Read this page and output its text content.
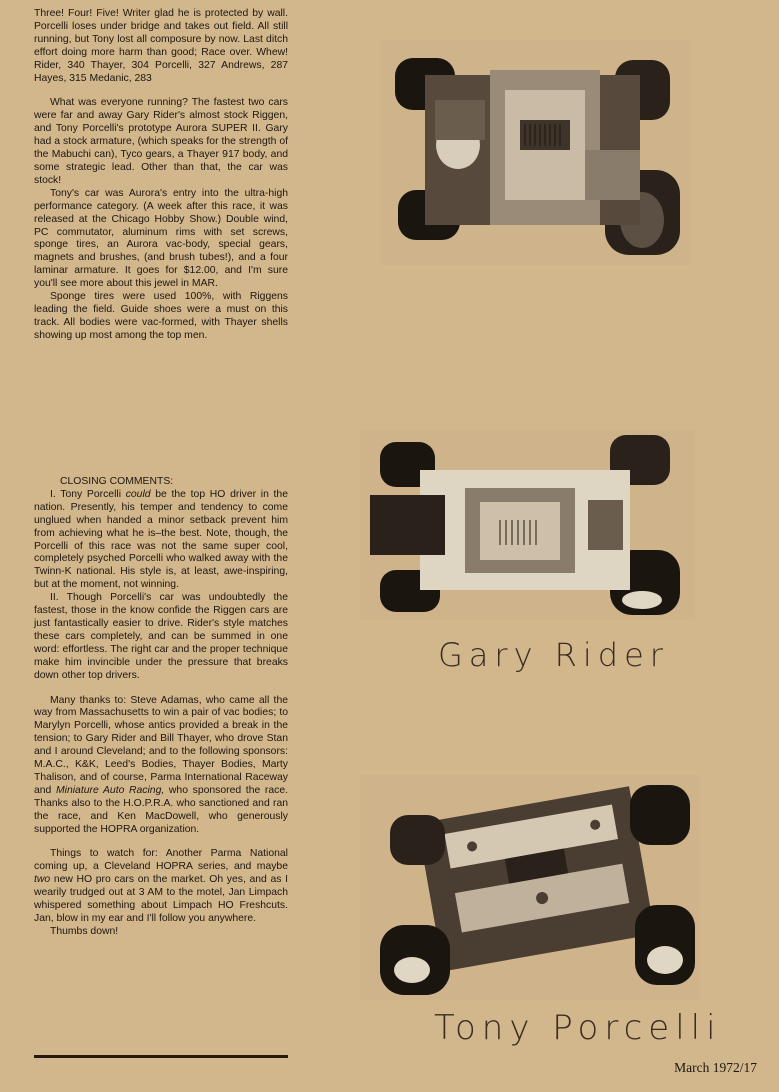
Three! Four! Five! Writer glad he is protected by wall. Porcelli loses under bridge and takes out field. All still running, but Tony lost all composure by now. Last ditch effort doing more harm than good; Race over. Whew! Rider, 340 Thayer, 304 Porcelli, 327 Andrews, 287 Hayes, 315 Medanic, 283

What was everyone running? The fastest two cars were far and away Gary Rider's almost stock Riggen, and Tony Porcelli's prototype Aurora SUPER II. Gary had a stock armature, (which speaks for the strength of the Mabuchi can), Tyco gears, a Thayer 917 body, and some strategic lead. Other than that, the car was stock!

Tony's car was Aurora's entry into the ultra-high performance category. (A week after this race, it was released at the Chicago Hobby Show.) Double wind, PC commutator, aluminum rims with set screws, sponge tires, an Aurora vac-body, special gears, magnets and brushes, (and brush tubes!), and a four laminar armature. It goes for $12.00, and I'm sure you'll see more about this jewel in MAR.

Sponge tires were used 100%, with Riggens leading the field. Guide shoes were a must on this track. All bodies were vac-formed, with Thayer shells showing up most among the top men.

CLOSING COMMENTS:

I. Tony Porcelli could be the top HO driver in the nation. Presently, his temper and tendency to come unglued when handed a minor setback prevent him from achieving what he is–the best. Note, though, the Porcelli of this race was not the same super cool, completely psyched Porcelli who walked away with the Twinn-K national. His style is, at least, awe-inspiring, but at the moment, not winning.

II. Though Porcelli's car was undoubtedly the fastest, those in the know confide the Riggen cars are just fantastically easier to drive. Rider's style matches these cars completely, and can be summed in one word: effortless. The right car and the proper technique make him invincible under the pressure that breaks down other top drivers.

Many thanks to: Steve Adamas, who came all the way from Massachusetts to win a pair of vac bodies; to Marylyn Porcelli, whose antics provided a break in the tension; to Gary Rider and Bill Thayer, who drove Stan and I around Cleveland; and to the following sponsors: M.A.C., K&K, Leed's Bodies, Thayer Bodies, Marty Thalison, and of course, Parma International Raceway and Miniature Auto Racing, who sponsored the race. Thanks also to the H.O.P.R.A. who sanctioned and ran the race, and Ken MacDowell, who generously supported the HOPRA organization.

Things to watch for: Another Parma National coming up, a Cleveland HOPRA series, and maybe two new HO pro cars on the market. Oh yes, and as I wearily trudged out at 3 AM to the motel, Jan Limpach whispered something about Limpach HO Freshcuts. Jan, blow in my ear and I'll follow you anywhere.

Thumbs down!

Gary Rider
Tony Porcelli
March 1972/17
